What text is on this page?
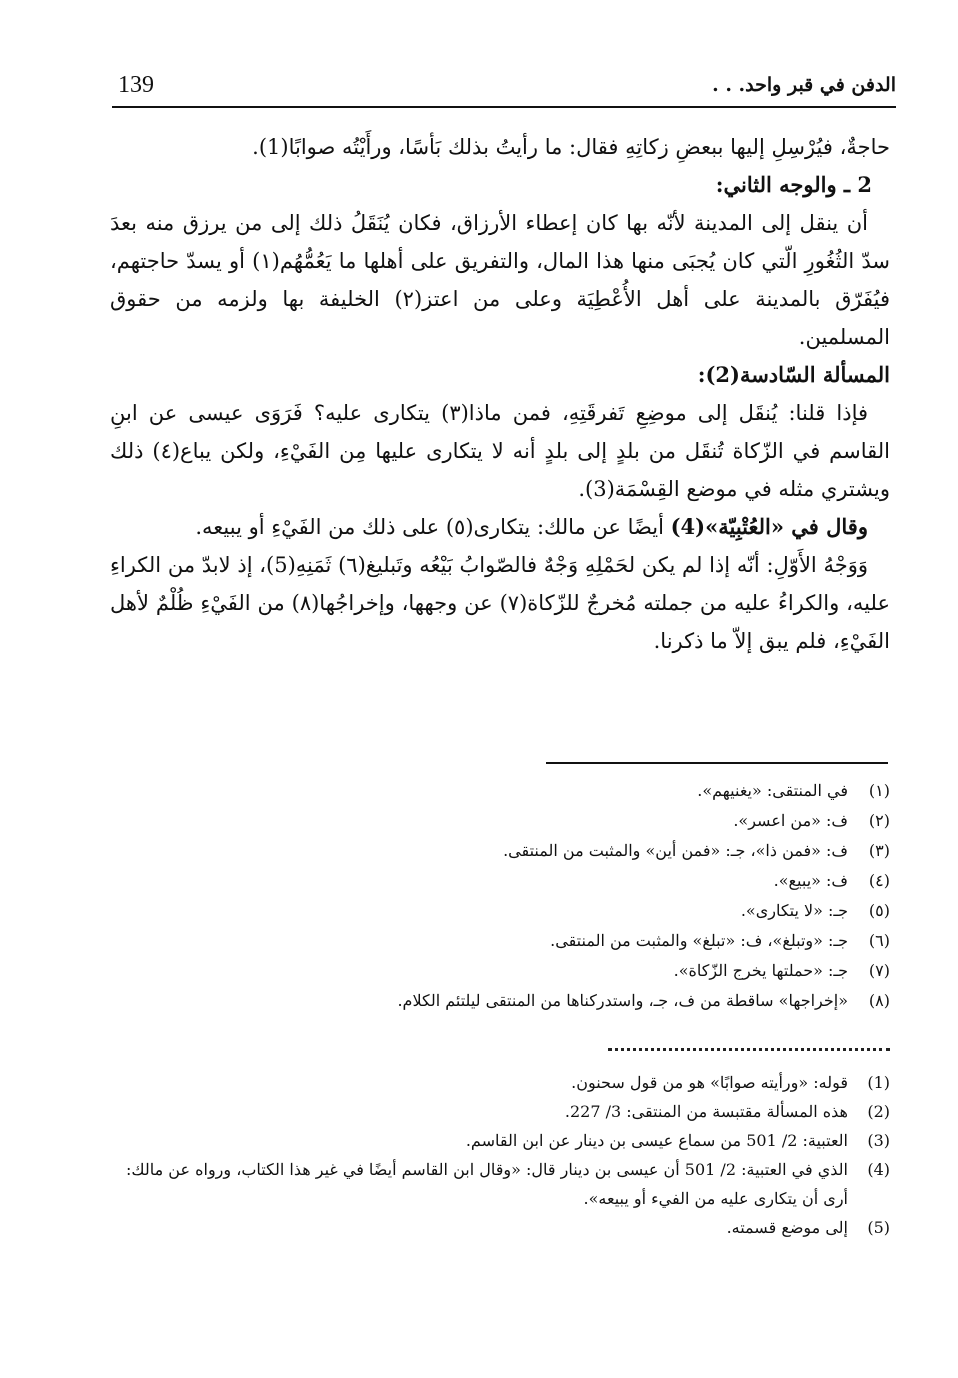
139	الدفن في قبر واحد. . .

حاجةٌ، فيُرْسِلِ إليها ببعضِ زكاتِهِ فقال: ما رأيتُ بذلك بَأسًا، ورأَيْتُه صوابًا(1).

2 ـ والوجه الثاني:

أن ينقل إلى المدينة لأنّه بها كان إعطاء الأرزاق، فكان يُنَقَلُ ذلك إلى من يرزق منه بعدَ سدّ الثُغُورِ الّتي كان يُجبَى منها هذا المال، والتفريق على أهلها ما يَعُمُّهُم(١) أو يسدّ حاجتهم، فيُفَرّق بالمدينة على أهل الأُعْطِيَة وعلى من اعتز(٢) الخليفة بها ولزمه من حقوق المسلمين.

المسألة السّادسة(2):

فإذا قلنا: يُنقَل إلى موضِعِ تَفرقَتِهِ، فمن ماذا(٣) يتكارى عليه؟ فَرَوَى عيسى عن ابنِ القاسم في الزّكاة تُنقَل من بلدٍ إلى بلدٍ أنه لا يتكارى عليها مِن الفَيْءِ، ولكن يباع(٤) ذلك ويشتري مثله في موضع القِسْمَة(3).

وقال في «العُتْبِيّة»(4) أيضًا عن مالك: يتكارى(٥) على ذلك من الفَيْءِ أو يبيعه.

وَوَجْهُ الأَوّلِ: أنّه إذا لم يكن لحَمْلِهِ وَجْهٌ فالصّوابُ بَيْعُه وتَبليغ(٦) ثَمَنِهِ(5)، إذ لابدّ من الكراءِ عليه، والكراءُ عليه من جملته مُخرجٌ للزّكاة(٧) عن وجهها، وإخراجُها(٨) من الفَيْءِ ظُلْمٌ لأهل الفَيْءِ، فلم يبق إلاّ ما ذكرنا.

(١)
في المنتقى: «يغنيهم».
(٢)
ف: «من اعسر».
(٣)
ف: «فمن ذا»، جـ: «فمن أين» والمثبت من المنتقى.
(٤)
ف: «يبيع».
(٥)
جـ: «لا يتكارى».
(٦)
جـ: «وتبلغ»، ف: «تبلغ» والمثبت من المنتقى.
(٧)
جـ: «حملتها يخرج الزّكاة».
(٨)
«إخراجها» ساقطة من ف، جـ، واستدركناها من المنتقى ليلتئم الكلام.
(1)
قوله: «ورأيته صوابًا» هو من قول سحنون.
(2)
هذه المسألة مقتبسة من المنتقى: 3/ 227.
(3)
العتبية: 2/ 501 من سماع عيسى بن دينار عن ابن القاسم.
(4)
الذي في العتبية: 2/ 501 أن عيسى بن دينار قال: «وقال ابن القاسم أيضًا في غير هذا الكتاب، ورواه عن مالك: أرى أن يتكارى عليه من الفيء أو يبيعه».
(5)
إلى موضع قسمته.
